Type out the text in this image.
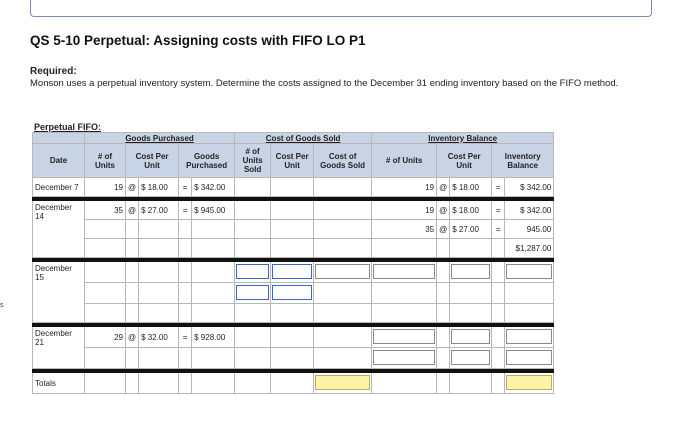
QS 5-10 Perpetual: Assigning costs with FIFO LO P1
Required:
Monson uses a perpetual inventory system. Determine the costs assigned to the December 31 ending inventory based on the FIFO method.
s
Perpetual FIFO:
	Goods Purchased					Cost of Goods Sold			Inventory Balance				
Date	# of Units	Cost Per Unit		Goods Purchased		# of Units Sold	Cost Per Unit	Cost of Goods Sold	# of Units	Cost Per Unit		Inventory Balance	
December 7	19	@	$ 18.00	=	$ 342.00				19	@	$ 18.00	=	$ 342.00

December 14	35	@	$ 27.00	=	$ 945.00				19	@	$ 18.00	=	$ 342.00
									35	@	$ 27.00	=	945.00
													$1,287.00

December 15													

December 21	29	@	$ 32.00	=	$ 928.00								

Totals													
